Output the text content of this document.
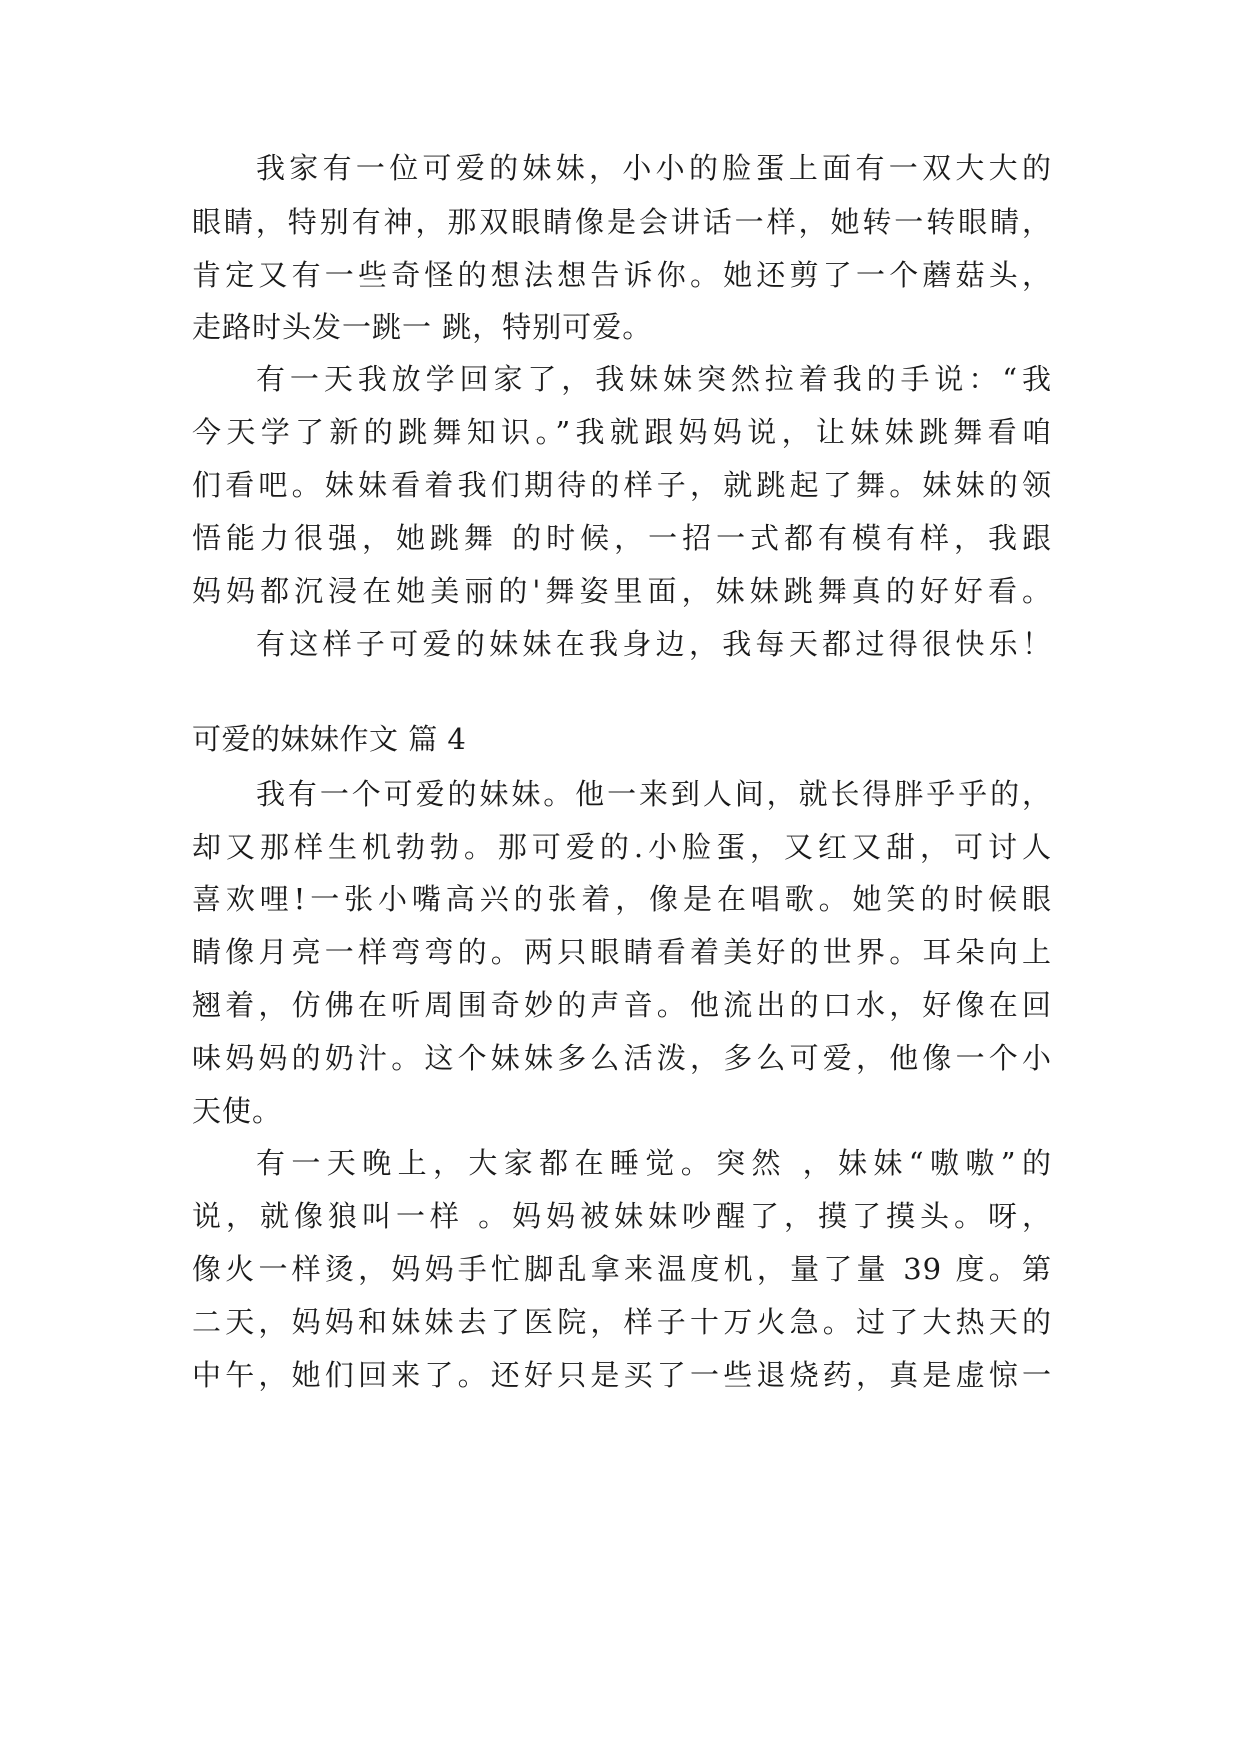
我家有一位可爱的妹妹，小小的脸蛋上面有一双大大的
眼睛，特别有神，那双眼睛像是会讲话一样，她转一转眼睛，
肯定又有一些奇怪的想法想告诉你。她还剪了一个蘑菇头，
走路时头发一跳一 跳，特别可爱。
有一天我放学回家了，我妹妹突然拉着我的手说：“我
今天学了新的跳舞知识。”我就跟妈妈说，让妹妹跳舞看咱
们看吧。妹妹看着我们期待的样子，就跳起了舞。妹妹的领
悟能力很强，她跳舞 的时候，一招一式都有模有样，我跟
妈妈都沉浸在她美丽的'舞姿里面，妹妹跳舞真的好好看。
有这样子可爱的妹妹在我身边，我每天都过得很快乐！
可爱的妹妹作文 篇 4
我有一个可爱的妹妹。他一来到人间，就长得胖乎乎的，
却又那样生机勃勃。那可爱的.小脸蛋，又红又甜，可讨人
喜欢哩!一张小嘴高兴的张着，像是在唱歌。她笑的时候眼
睛像月亮一样弯弯的。两只眼睛看着美好的世界。耳朵向上
翘着，仿佛在听周围奇妙的声音。他流出的口水，好像在回
味妈妈的奶汁。这个妹妹多么活泼，多么可爱，他像一个小
天使。
有一天晚上，大家都在睡觉。突然 ，妹妹“嗷嗷”的
说，就像狼叫一样 。妈妈被妹妹吵醒了，摸了摸头。呀，
像火一样烫，妈妈手忙脚乱拿来温度机，量了量 39 度。第
二天，妈妈和妹妹去了医院，样子十万火急。过了大热天的
中午，她们回来了。还好只是买了一些退烧药，真是虚惊一
